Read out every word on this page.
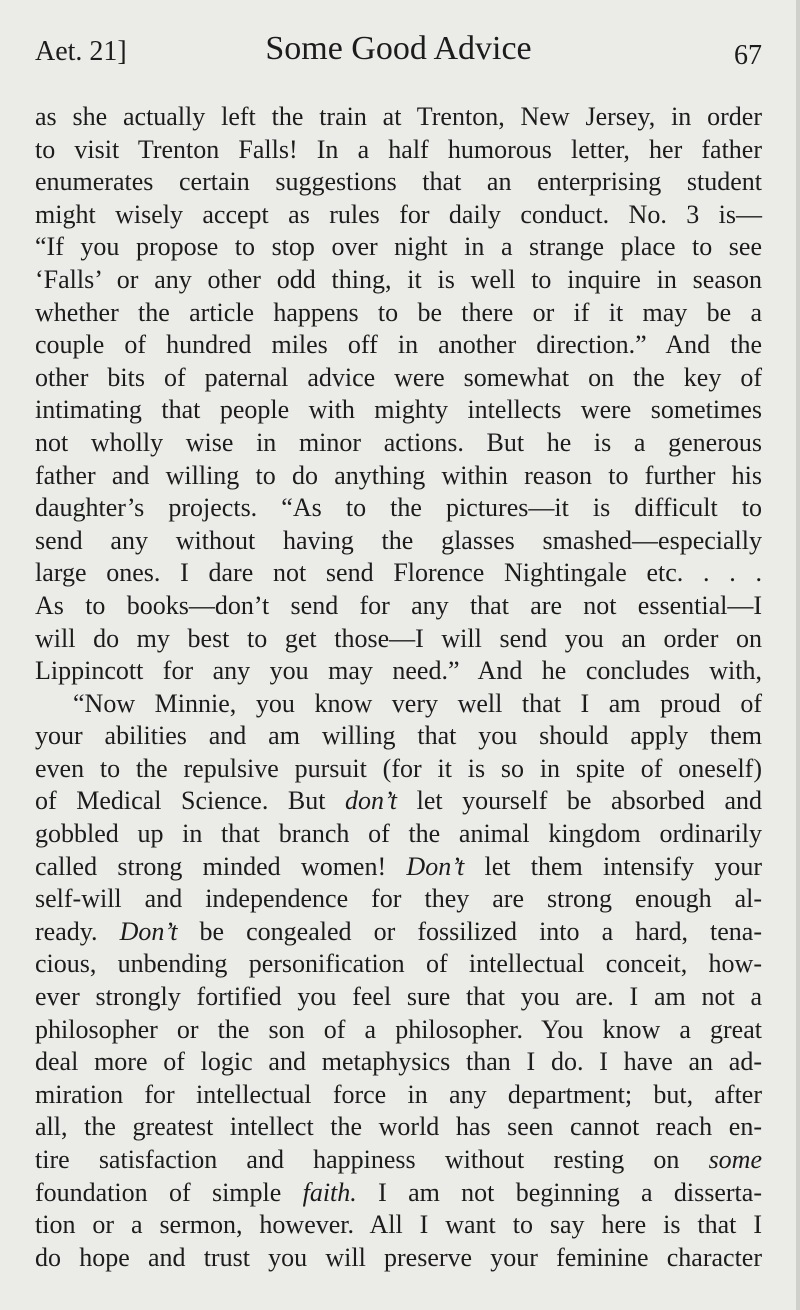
Aet. 21]	Some Good Advice	67
as she actually left the train at Trenton, New Jersey, in order
to visit Trenton Falls! In a half humorous letter, her father
enumerates certain suggestions that an enterprising student
might wisely accept as rules for daily conduct. No. 3 is—
“If you propose to stop over night in a strange place to see
‘Falls’ or any other odd thing, it is well to inquire in season
whether the article happens to be there or if it may be a
couple of hundred miles off in another direction.” And the
other bits of paternal advice were somewhat on the key of
intimating that people with mighty intellects were sometimes
not wholly wise in minor actions. But he is a generous
father and willing to do anything within reason to further his
daughter’s projects. “As to the pictures—it is difficult to
send any without having the glasses smashed—especially
large ones. I dare not send Florence Nightingale etc. . . .
As to books—don’t send for any that are not essential—I
will do my best to get those—I will send you an order on
Lippincott for any you may need.” And he concludes with,
“Now Minnie, you know very well that I am proud of
your abilities and am willing that you should apply them
even to the repulsive pursuit (for it is so in spite of oneself)
of Medical Science. But don’t let yourself be absorbed and
gobbled up in that branch of the animal kingdom ordinarily
called strong minded women! Don’t let them intensify your
self-will and independence for they are strong enough al-
ready. Don’t be congealed or fossilized into a hard, tena-
cious, unbending personification of intellectual conceit, how-
ever strongly fortified you feel sure that you are. I am not a
philosopher or the son of a philosopher. You know a great
deal more of logic and metaphysics than I do. I have an ad-
miration for intellectual force in any department; but, after
all, the greatest intellect the world has seen cannot reach en-
tire satisfaction and happiness without resting on some
foundation of simple faith. I am not beginning a disserta-
tion or a sermon, however. All I want to say here is that I
do hope and trust you will preserve your feminine character
